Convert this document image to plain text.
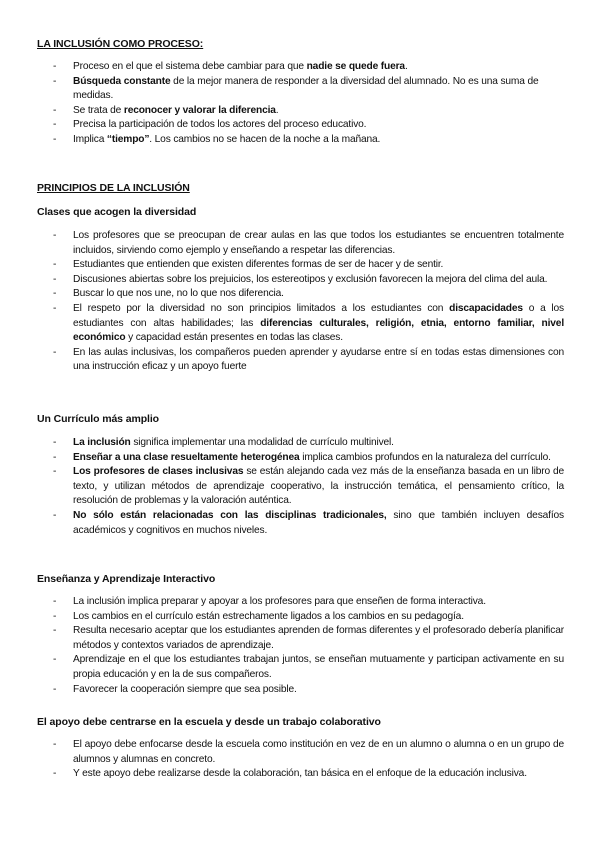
LA INCLUSIÓN COMO PROCESO:
- Proceso en el que el sistema debe cambiar para que nadie se quede fuera.
- Búsqueda constante de la mejor manera de responder a la diversidad del alumnado. No es una suma de medidas.
- Se trata de reconocer y valorar la diferencia.
- Precisa la participación de todos los actores del proceso educativo.
- Implica “tiempo”. Los cambios no se hacen de la noche a la mañana.
PRINCIPIOS DE LA INCLUSIÓN
Clases que acogen la diversidad
- Los profesores que se preocupan de crear aulas en las que todos los estudiantes se encuentren totalmente incluidos, sirviendo como ejemplo y enseñando a respetar las diferencias.
- Estudiantes que entienden que existen diferentes formas de ser de hacer y de sentir.
- Discusiones abiertas sobre los prejuicios, los estereotipos y exclusión favorecen la mejora del clima del aula.
- Buscar lo que nos une, no lo que nos diferencia.
- El respeto por la diversidad no son principios limitados a los estudiantes con discapacidades o a los estudiantes con altas habilidades; las diferencias culturales, religión, etnia, entorno familiar, nivel económico y capacidad están presentes en todas las clases.
- En las aulas inclusivas, los compañeros pueden aprender y ayudarse entre sí en todas estas dimensiones con una instrucción eficaz y un apoyo fuerte
Un Currículo más amplio
- La inclusión significa implementar una modalidad de currículo multinivel.
- Enseñar a una clase resueltamente heterogénea implica cambios profundos en la naturaleza del currículo.
- Los profesores de clases inclusivas se están alejando cada vez más de la enseñanza basada en un libro de texto, y utilizan métodos de aprendizaje cooperativo, la instrucción temática, el pensamiento crítico, la resolución de problemas y la valoración auténtica.
- No sólo están relacionadas con las disciplinas tradicionales, sino que también incluyen desafíos académicos y cognitivos en muchos niveles.
Enseñanza y Aprendizaje Interactivo
- La inclusión implica preparar y apoyar a los profesores para que enseñen de forma interactiva.
- Los cambios en el currículo están estrechamente ligados a los cambios en su pedagogía.
- Resulta necesario aceptar que los estudiantes aprenden de formas diferentes y el profesorado debería planificar métodos y contextos variados de aprendizaje.
- Aprendizaje en el que los estudiantes trabajan juntos, se enseñan mutuamente y participan activamente en su propia educación y en la de sus compañeros.
- Favorecer la cooperación siempre que sea posible.
El apoyo debe centrarse en la escuela y desde un trabajo colaborativo
- El apoyo debe enfocarse desde la escuela como institución en vez de en un alumno o alumna o en un grupo de alumnos y alumnas en concreto.
- Y este apoyo debe realizarse desde la colaboración, tan básica en el enfoque de la educación inclusiva.
